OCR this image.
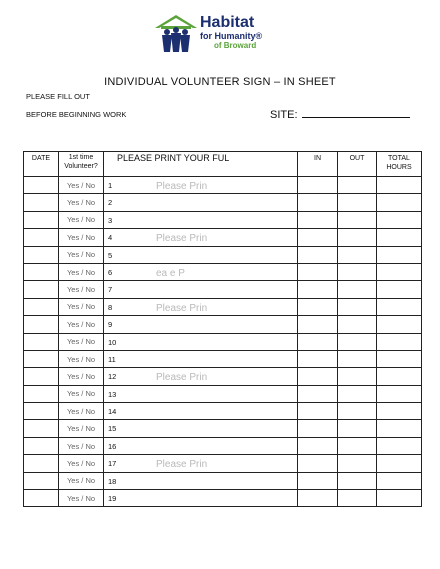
Habitat
for Humanity®
of Broward
INDIVIDUAL VOLUNTEER SIGN – IN SHEET
PLEASE FILL OUT
BEFORE BEGINNING WORK	SITE:
DATE	1st time Volunteer?	PLEASE PRINT YOUR FUL	IN	OUT	TOTAL HOURS
	Yes / No	1 Please Prin			

	Yes / No	2			

	Yes / No	3			

	Yes / No	4 Please Prin			

	Yes / No	5			

	Yes / No	6 ea e P			

	Yes / No	7			

	Yes / No	8 Please Prin			

	Yes / No	9			

	Yes / No	10			

	Yes / No	11			

	Yes / No	12 Please Prin			

	Yes / No	13			

	Yes / No	14			

	Yes / No	15			

	Yes / No	16			

	Yes / No	17 Please Prin			

	Yes / No	18			

	Yes / No	19			
